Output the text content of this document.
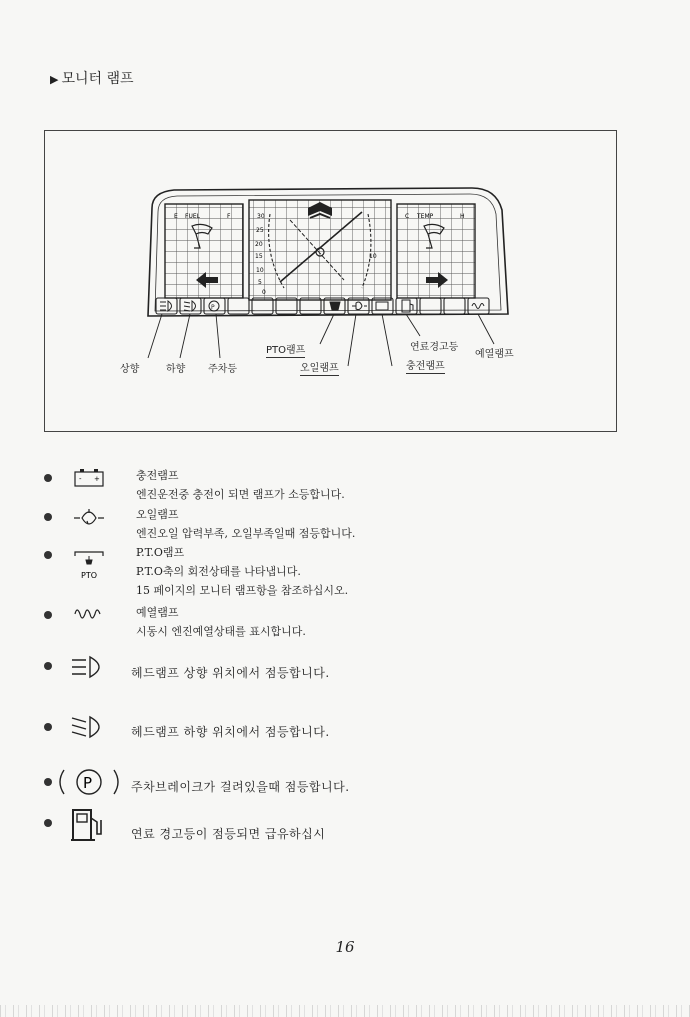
▶ 모니터 램프
E FUEL	F	30
25
20
15
10
5
0
10
C TEMP	H
P
상향	하향 주차등
PTO램프
오일램프
연료경고등
충전램프
예열램프
- +	충전램프
엔진운전중 충전이 되면 램프가 소등합니다.
오일램프
엔진오일 압력부족, 오일부족일때 점등합니다.
PTO
P.T.O램프
P.T.O축의 회전상태를 나타냅니다.
15 페이지의 모니터 램프항을 참조하십시오.
예열램프
시동시 엔진예열상태를 표시합니다.
헤드램프 상향 위치에서 점등합니다.
헤드램프 하향 위치에서 점등합니다.
P	주차브레이크가 걸려있을때 점등합니다.
연료 경고등이 점등되면 급유하십시
16
